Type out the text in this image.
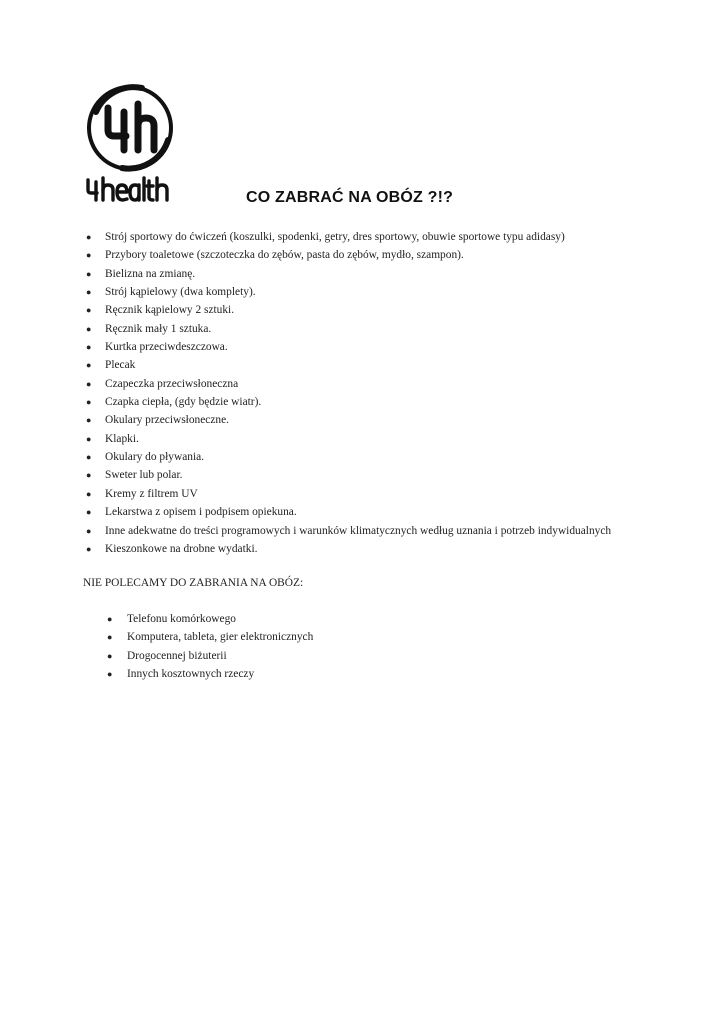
CO ZABRAĆ NA OBÓZ ?!?
● Strój sportowy do ćwiczeń (koszulki, spodenki, getry, dres sportowy, obuwie sportowe typu adidasy)
● Przybory toaletowe (szczoteczka do zębów, pasta do zębów, mydło, szampon).
● Bielizna na zmianę.
● Strój kąpielowy (dwa komplety).
● Ręcznik kąpielowy 2 sztuki.
● Ręcznik mały 1 sztuka.
● Kurtka przeciwdeszczowa.
● Plecak
● Czapeczka przeciwsłoneczna
● Czapka ciepła, (gdy będzie wiatr).
● Okulary przeciwsłoneczne.
● Klapki.
● Okulary do pływania.
● Sweter lub polar.
● Kremy z filtrem UV
● Lekarstwa z opisem i podpisem opiekuna.
● Inne adekwatne do treści programowych i warunków klimatycznych według uznania i potrzeb indywidualnych
● Kieszonkowe na drobne wydatki.
NIE POLECAMY DO ZABRANIA NA OBÓZ:
● Telefonu komórkowego
● Komputera, tableta, gier elektronicznych
● Drogocennej biżuterii
● Innych kosztownych rzeczy
